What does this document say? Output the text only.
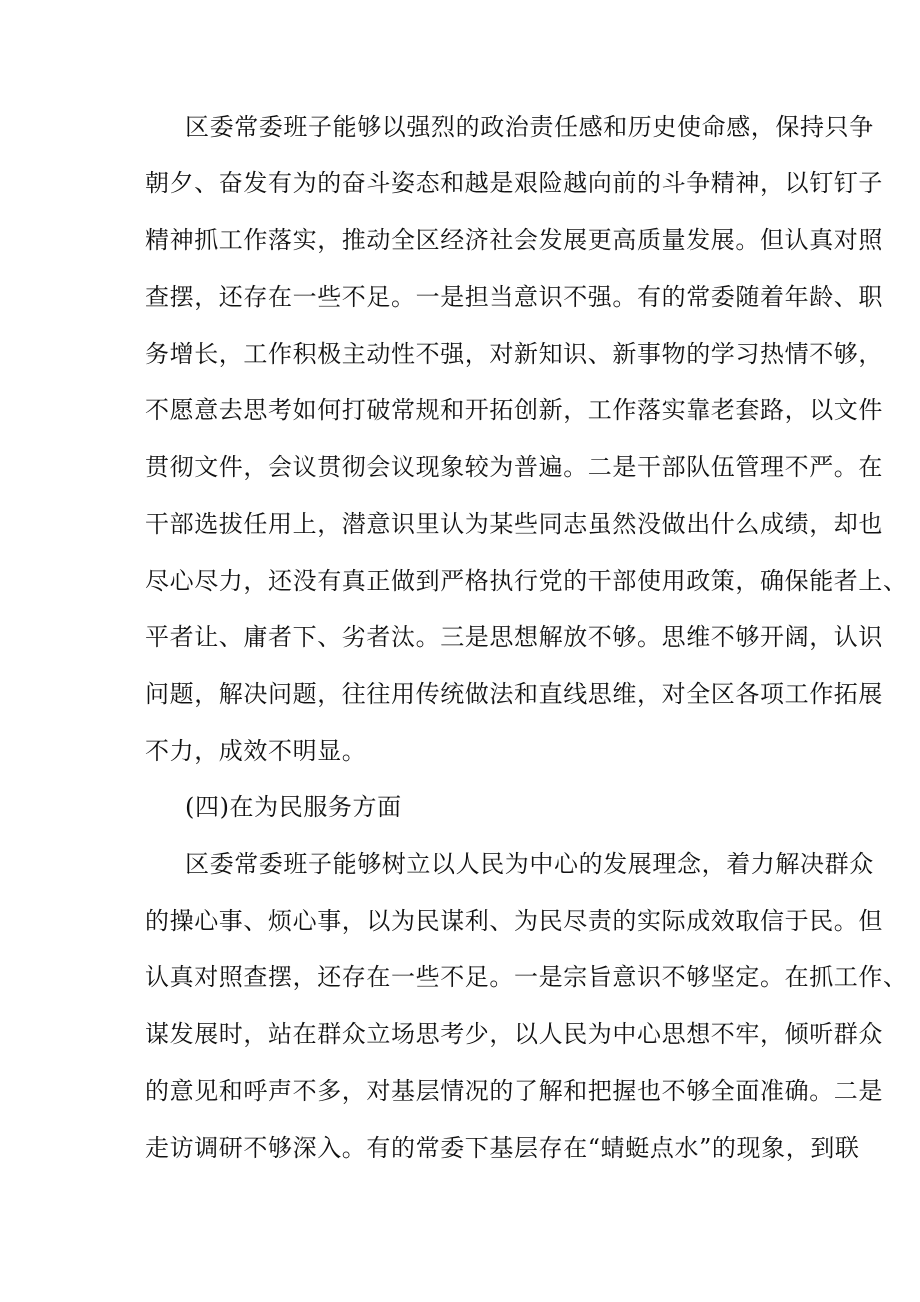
区委常委班子能够以强烈的政治责任感和历史使命感，保持只争

朝夕、奋发有为的奋斗姿态和越是艰险越向前的斗争精神，以钉钉子

精神抓工作落实，推动全区经济社会发展更高质量发展。但认真对照

查摆，还存在一些不足。一是担当意识不强。有的常委随着年龄、职

务增长，工作积极主动性不强，对新知识、新事物的学习热情不够，

不愿意去思考如何打破常规和开拓创新，工作落实靠老套路，以文件

贯彻文件，会议贯彻会议现象较为普遍。二是干部队伍管理不严。在

干部选拔任用上，潜意识里认为某些同志虽然没做出什么成绩，却也

尽心尽力，还没有真正做到严格执行党的干部使用政策，确保能者上、

平者让、庸者下、劣者汰。三是思想解放不够。思维不够开阔，认识

问题，解决问题，往往用传统做法和直线思维，对全区各项工作拓展

不力，成效不明显。

(四)在为民服务方面

区委常委班子能够树立以人民为中心的发展理念，着力解决群众

的操心事、烦心事，以为民谋利、为民尽责的实际成效取信于民。但

认真对照查摆，还存在一些不足。一是宗旨意识不够坚定。在抓工作、

谋发展时，站在群众立场思考少，以人民为中心思想不牢，倾听群众

的意见和呼声不多，对基层情况的了解和把握也不够全面准确。二是

走访调研不够深入。有的常委下基层存在“蜻蜓点水”的现象，到联
